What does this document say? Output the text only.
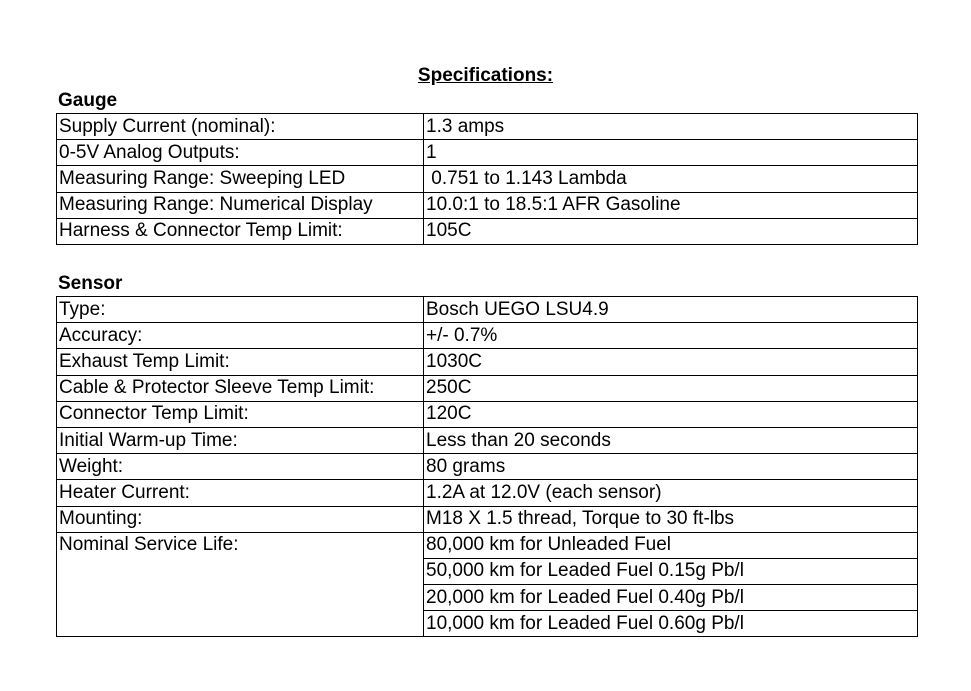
Specifications:
Gauge
Supply Current (nominal):	1.3 amps
0-5V Analog Outputs:	1
Measuring Range: Sweeping LED	0.751 to 1.143 Lambda
Measuring Range: Numerical Display	10.0:1 to 18.5:1 AFR Gasoline
Harness & Connector Temp Limit:	105C
Sensor
Type:	Bosch UEGO LSU4.9
Accuracy:	+/- 0.7%
Exhaust Temp Limit:	1030C
Cable & Protector Sleeve Temp Limit:	250C
Connector Temp Limit:	120C
Initial Warm-up Time:	Less than 20 seconds
Weight:	80 grams
Heater Current:	1.2A at 12.0V (each sensor)
Mounting:	M18 X 1.5 thread, Torque to 30 ft-lbs
Nominal Service Life:	80,000 km for Unleaded Fuel
	50,000 km for Leaded Fuel 0.15g Pb/l
	20,000 km for Leaded Fuel 0.40g Pb/l
	10,000 km for Leaded Fuel 0.60g Pb/l
